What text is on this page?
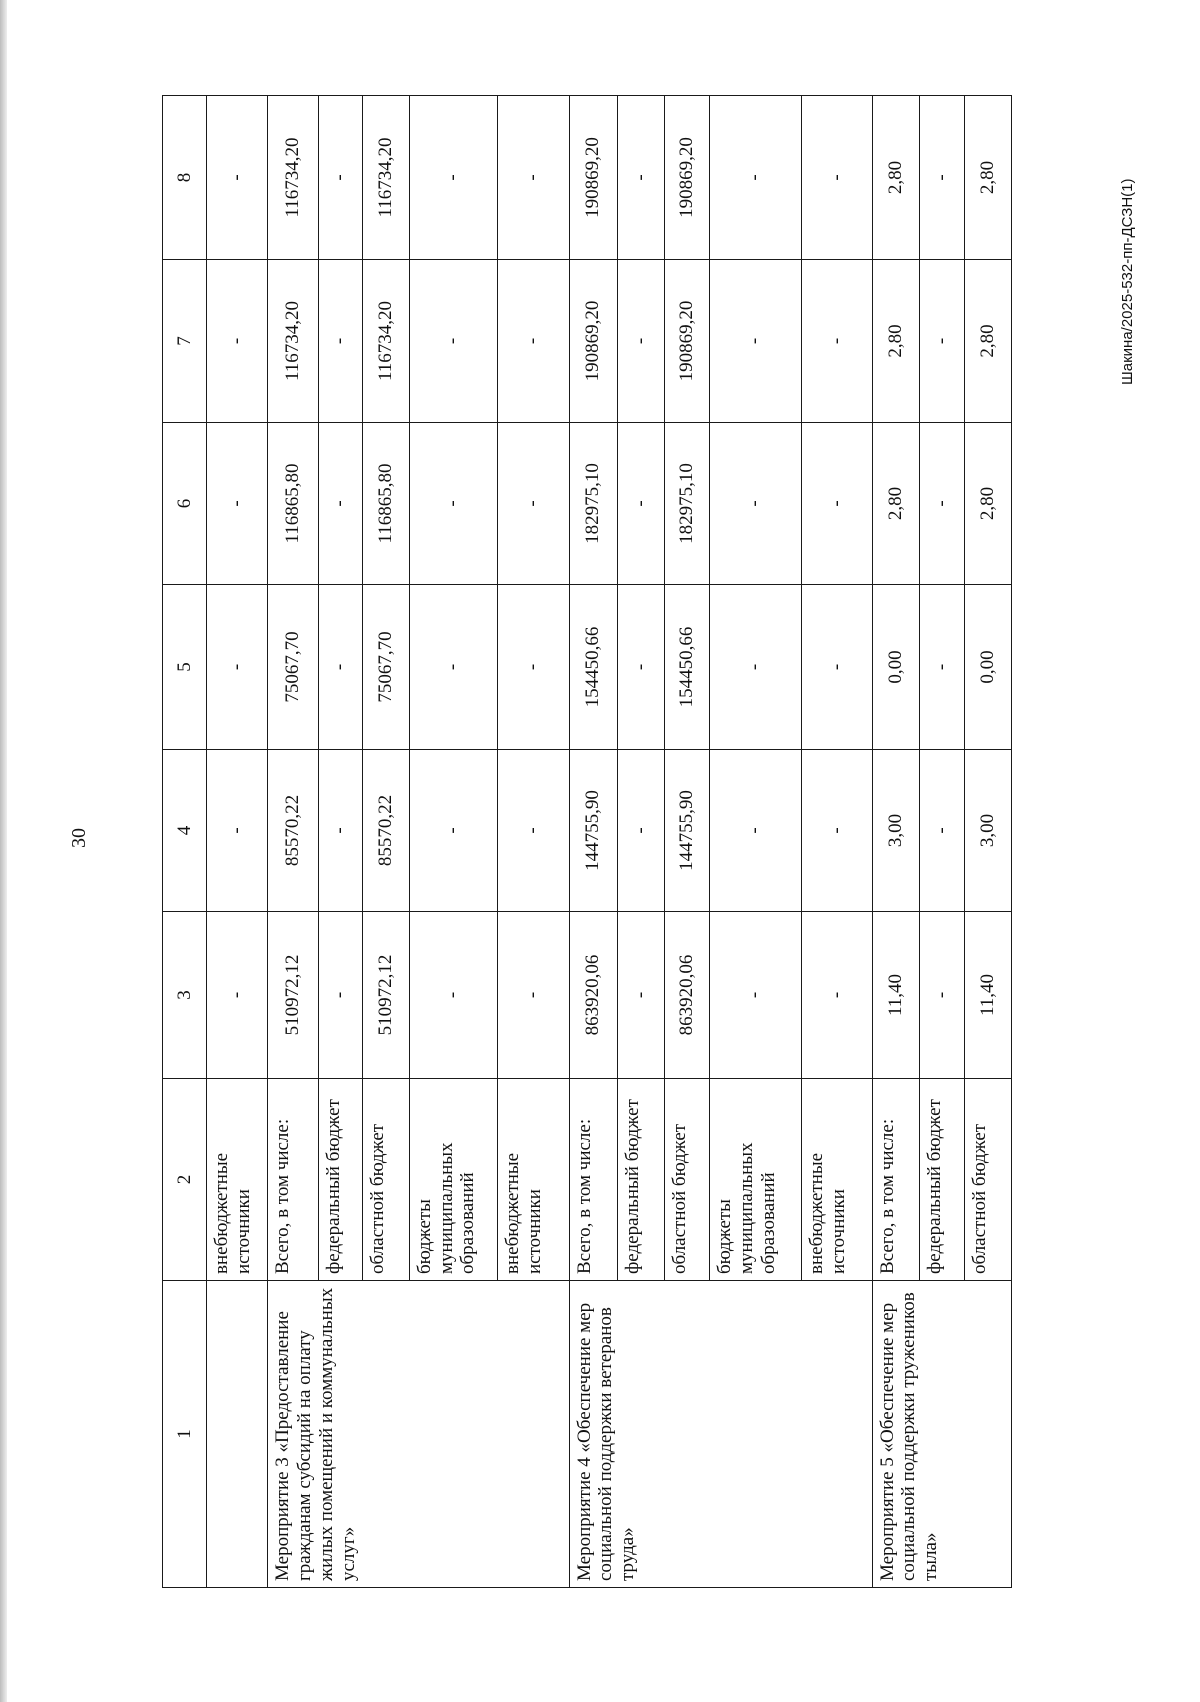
30
Шакина/2025-532-пп-ДСЗН(1)
1	2	3	4	5	6	7	8
	внебюджетные источники	-	-	-	-	-	-
Мероприятие 3 «Предоставление гражданам субсидий на оплату жилых помещений и коммунальных услуг»	Всего, в том числе:	510972,12	85570,22	75067,70	116865,80	116734,20	116734,20
	федеральный бюджет	-	-	-	-	-	-
	областной бюджет	510972,12	85570,22	75067,70	116865,80	116734,20	116734,20
	бюджеты муниципальных образований	-	-	-	-	-	-
	внебюджетные источники	-	-	-	-	-	-
Мероприятие 4 «Обеспечение мер социальной поддержки ветеранов труда»	Всего, в том числе:	863920,06	144755,90	154450,66	182975,10	190869,20	190869,20
	федеральный бюджет	-	-	-	-	-	-
	областной бюджет	863920,06	144755,90	154450,66	182975,10	190869,20	190869,20
	бюджеты муниципальных образований	-	-	-	-	-	-
	внебюджетные источники	-	-	-	-	-	-
Мероприятие 5 «Обеспечение мер социальной поддержки тружеников тыла»	Всего, в том числе:	11,40	3,00	0,00	2,80	2,80	2,80
	федеральный бюджет	-	-	-	-	-	-
	областной бюджет	11,40	3,00	0,00	2,80	2,80	2,80
